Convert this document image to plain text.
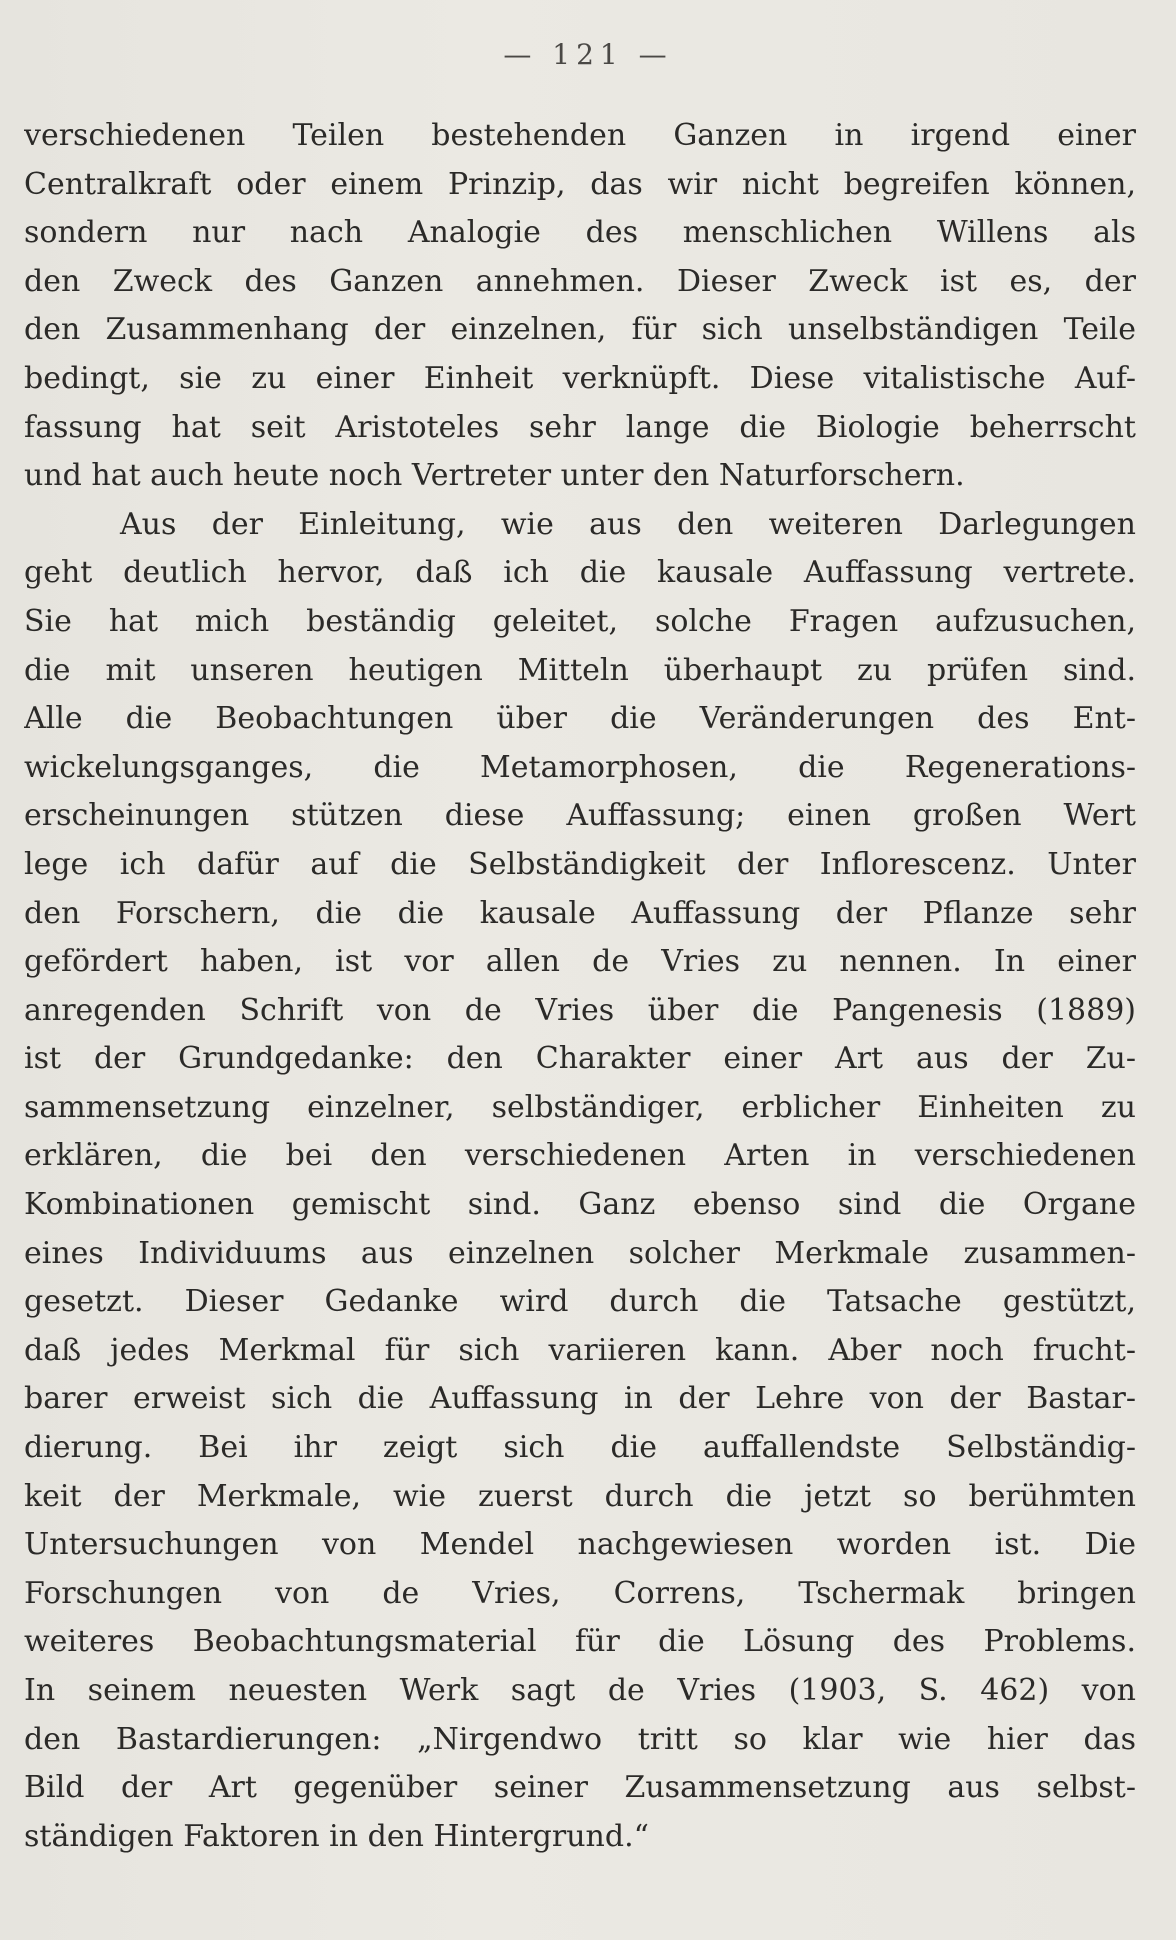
— 121 —
verschiedenen Teilen bestehenden Ganzen in irgend einer
Centralkraft oder einem Prinzip, das wir nicht begreifen können,
sondern nur nach Analogie des menschlichen Willens als
den Zweck des Ganzen annehmen. Dieser Zweck ist es, der
den Zusammenhang der einzelnen, für sich unselbständigen Teile
bedingt, sie zu einer Einheit verknüpft. Diese vitalistische Auf-
fassung hat seit Aristoteles sehr lange die Biologie beherrscht
und hat auch heute noch Vertreter unter den Naturforschern.
Aus der Einleitung, wie aus den weiteren Darlegungen
geht deutlich hervor, daß ich die kausale Auffassung vertrete.
Sie hat mich beständig geleitet, solche Fragen aufzusuchen,
die mit unseren heutigen Mitteln überhaupt zu prüfen sind.
Alle die Beobachtungen über die Veränderungen des Ent-
wickelungsganges, die Metamorphosen, die Regenerations-
erscheinungen stützen diese Auffassung; einen großen Wert
lege ich dafür auf die Selbständigkeit der Inflorescenz. Unter
den Forschern, die die kausale Auffassung der Pflanze sehr
gefördert haben, ist vor allen de Vries zu nennen. In einer
anregenden Schrift von de Vries über die Pangenesis (1889)
ist der Grundgedanke: den Charakter einer Art aus der Zu-
sammensetzung einzelner, selbständiger, erblicher Einheiten zu
erklären, die bei den verschiedenen Arten in verschiedenen
Kombinationen gemischt sind. Ganz ebenso sind die Organe
eines Individuums aus einzelnen solcher Merkmale zusammen-
gesetzt. Dieser Gedanke wird durch die Tatsache gestützt,
daß jedes Merkmal für sich variieren kann. Aber noch frucht-
barer erweist sich die Auffassung in der Lehre von der Bastar-
dierung. Bei ihr zeigt sich die auffallendste Selbständig-
keit der Merkmale, wie zuerst durch die jetzt so berühmten
Untersuchungen von Mendel nachgewiesen worden ist. Die
Forschungen von de Vries, Correns, Tschermak bringen
weiteres Beobachtungsmaterial für die Lösung des Problems.
In seinem neuesten Werk sagt de Vries (1903, S. 462) von
den Bastardierungen: „Nirgendwo tritt so klar wie hier das
Bild der Art gegenüber seiner Zusammensetzung aus selbst-
ständigen Faktoren in den Hintergrund.“
